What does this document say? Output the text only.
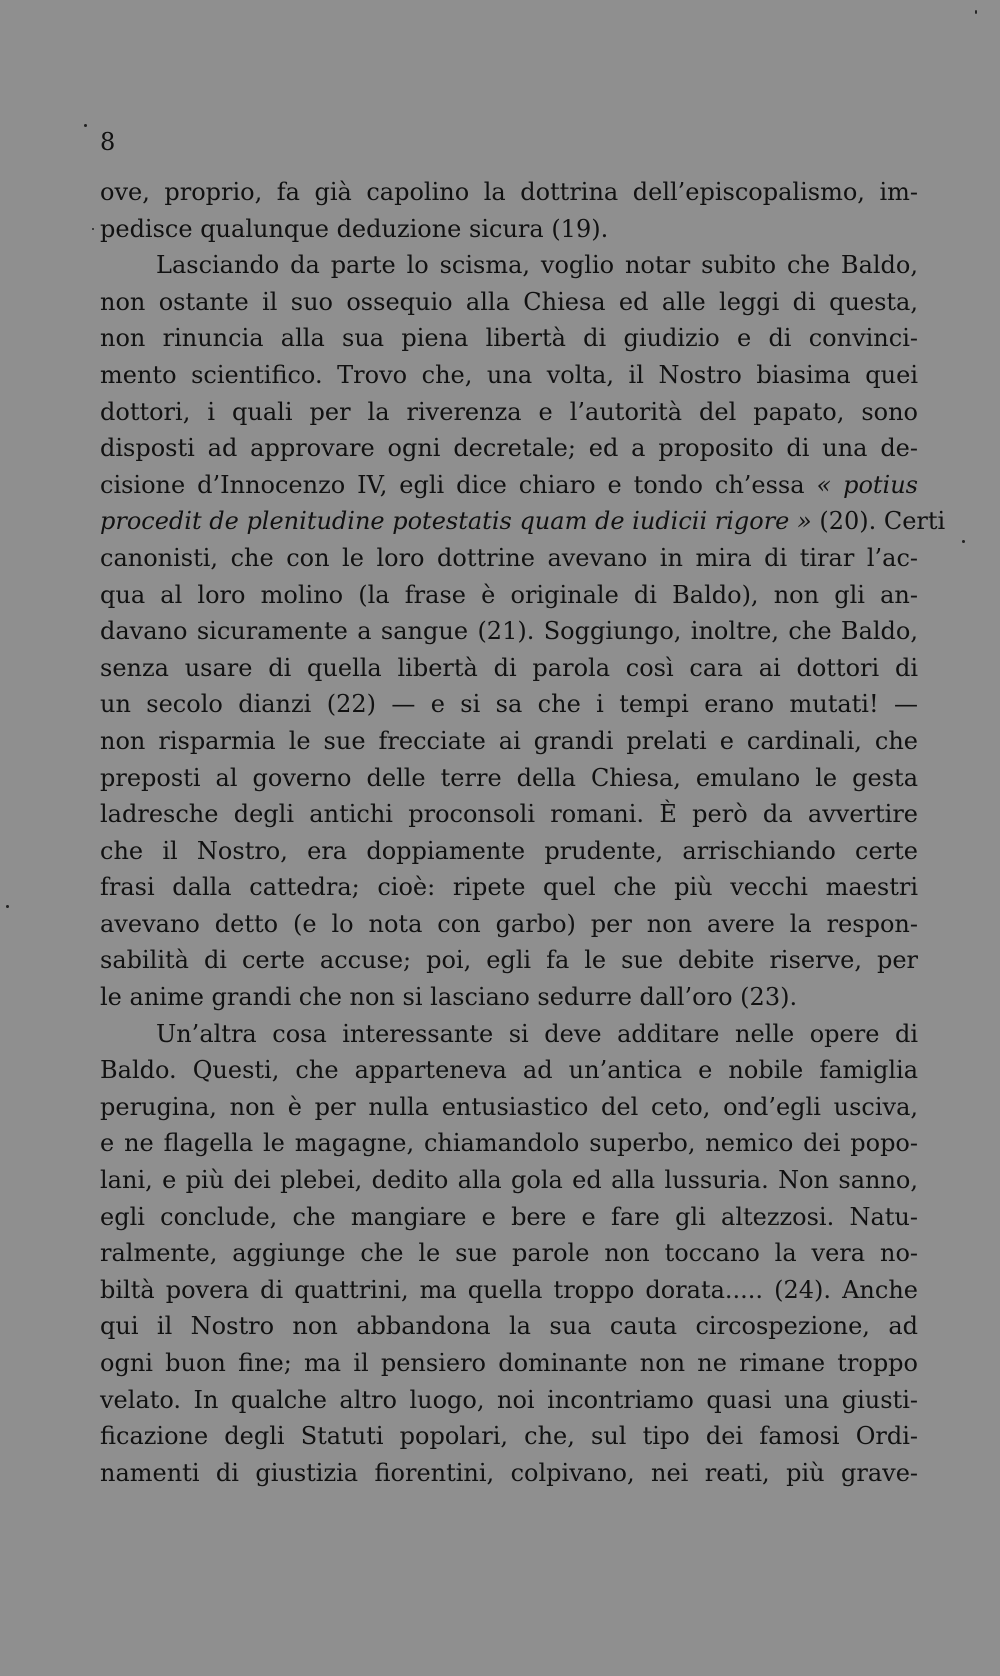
8
ove, proprio, fa già capolino la dottrina dell’episcopalismo, im-
pedisce qualunque deduzione sicura (19).
Lasciando da parte lo scisma, voglio notar subito che Baldo,
non ostante il suo ossequio alla Chiesa ed alle leggi di questa,
non rinuncia alla sua piena libertà di giudizio e di convinci-
mento scientifico. Trovo che, una volta, il Nostro biasima quei
dottori, i quali per la riverenza e l’autorità del papato, sono
disposti ad approvare ogni decretale; ed a proposito di una de-
cisione d’Innocenzo IV, egli dice chiaro e tondo ch’essa « potius
procedit de plenitudine potestatis quam de iudicii rigore » (20). Certi
canonisti, che con le loro dottrine avevano in mira di tirar l’ac-
qua al loro molino (la frase è originale di Baldo), non gli an-
davano sicuramente a sangue (21). Soggiungo, inoltre, che Baldo,
senza usare di quella libertà di parola così cara ai dottori di
un secolo dianzi (22) — e si sa che i tempi erano mutati! —
non risparmia le sue frecciate ai grandi prelati e cardinali, che
preposti al governo delle terre della Chiesa, emulano le gesta
ladresche degli antichi proconsoli romani. È però da avvertire
che il Nostro, era doppiamente prudente, arrischiando certe
frasi dalla cattedra; cioè: ripete quel che più vecchi maestri
avevano detto (e lo nota con garbo) per non avere la respon-
sabilità di certe accuse; poi, egli fa le sue debite riserve, per
le anime grandi che non si lasciano sedurre dall’oro (23).
Un’altra cosa interessante si deve additare nelle opere di
Baldo. Questi, che apparteneva ad un’antica e nobile famiglia
perugina, non è per nulla entusiastico del ceto, ond’egli usciva,
e ne flagella le magagne, chiamandolo superbo, nemico dei popo-
lani, e più dei plebei, dedito alla gola ed alla lussuria. Non sanno,
egli conclude, che mangiare e bere e fare gli altezzosi. Natu-
ralmente, aggiunge che le sue parole non toccano la vera no-
biltà povera di quattrini, ma quella troppo dorata..... (24). Anche
qui il Nostro non abbandona la sua cauta circospezione, ad
ogni buon fine; ma il pensiero dominante non ne rimane troppo
velato. In qualche altro luogo, noi incontriamo quasi una giusti-
ficazione degli Statuti popolari, che, sul tipo dei famosi Ordi-
namenti di giustizia fiorentini, colpivano, nei reati, più grave-
